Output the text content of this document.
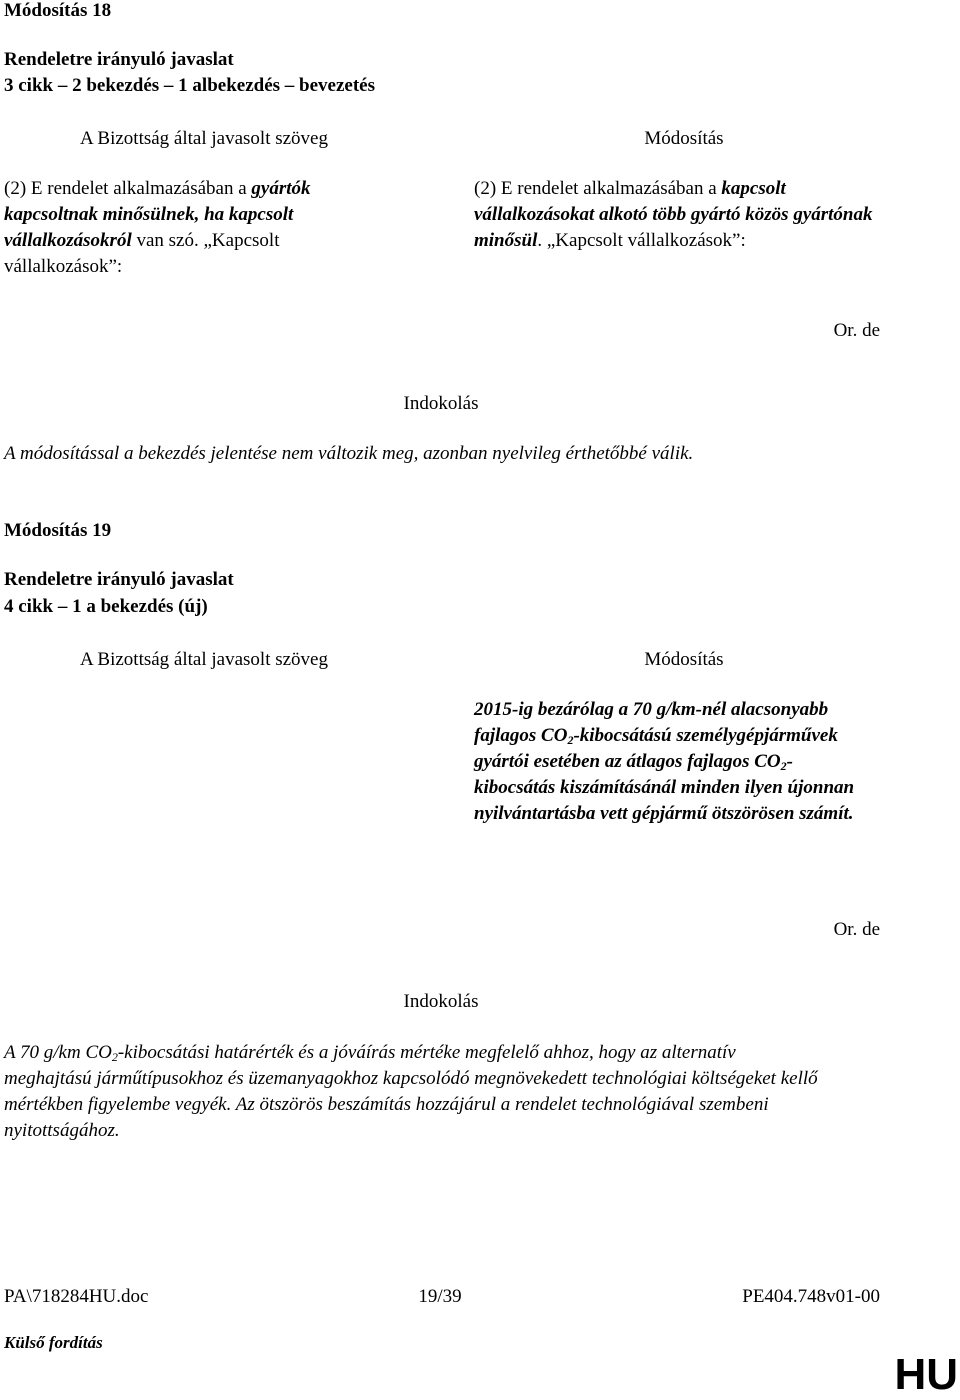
Módosítás 18
Rendeletre irányuló javaslat
3 cikk – 2 bekezdés – 1 albekezdés – bevezetés
A Bizottság által javasolt szöveg	Módosítás
(2) E rendelet alkalmazásában a gyártók kapcsoltnak minősülnek, ha kapcsolt vállalkozásokról van szó. „Kapcsolt vállalkozások”:
(2) E rendelet alkalmazásában a kapcsolt vállalkozásokat alkotó több gyártó közös gyártónak minősül. „Kapcsolt vállalkozások”:
Or. de
Indokolás
A módosítással a bekezdés jelentése nem változik meg, azonban nyelvileg érthetőbbé válik.
Módosítás 19
Rendeletre irányuló javaslat
4 cikk – 1 a bekezdés (új)
A Bizottság által javasolt szöveg	Módosítás
2015-ig bezárólag a 70 g/km-nél alacsonyabb fajlagos $CO_2$-kibocsátású személygépjárművek gyártói esetében az átlagos fajlagos $CO_2$-kibocsátás kiszámításánál minden ilyen újonnan nyilvántartásba vett gépjármű ötszörösen számít.
Or. de
Indokolás
A 70 g/km $CO_2$-kibocsátási határérték és a jóváírás mértéke megfelelő ahhoz, hogy az alternatív meghajtású járműtípusokhoz és üzemanyagokhoz kapcsolódó megnövekedett technológiai költségeket kellő mértékben figyelembe vegyék. Az ötszörös beszámítás hozzájárul a rendelet technológiával szembeni nyitottságához.
PA\718284HU.doc	19/39	PE404.748v01-00
Külső fordítás
HU
